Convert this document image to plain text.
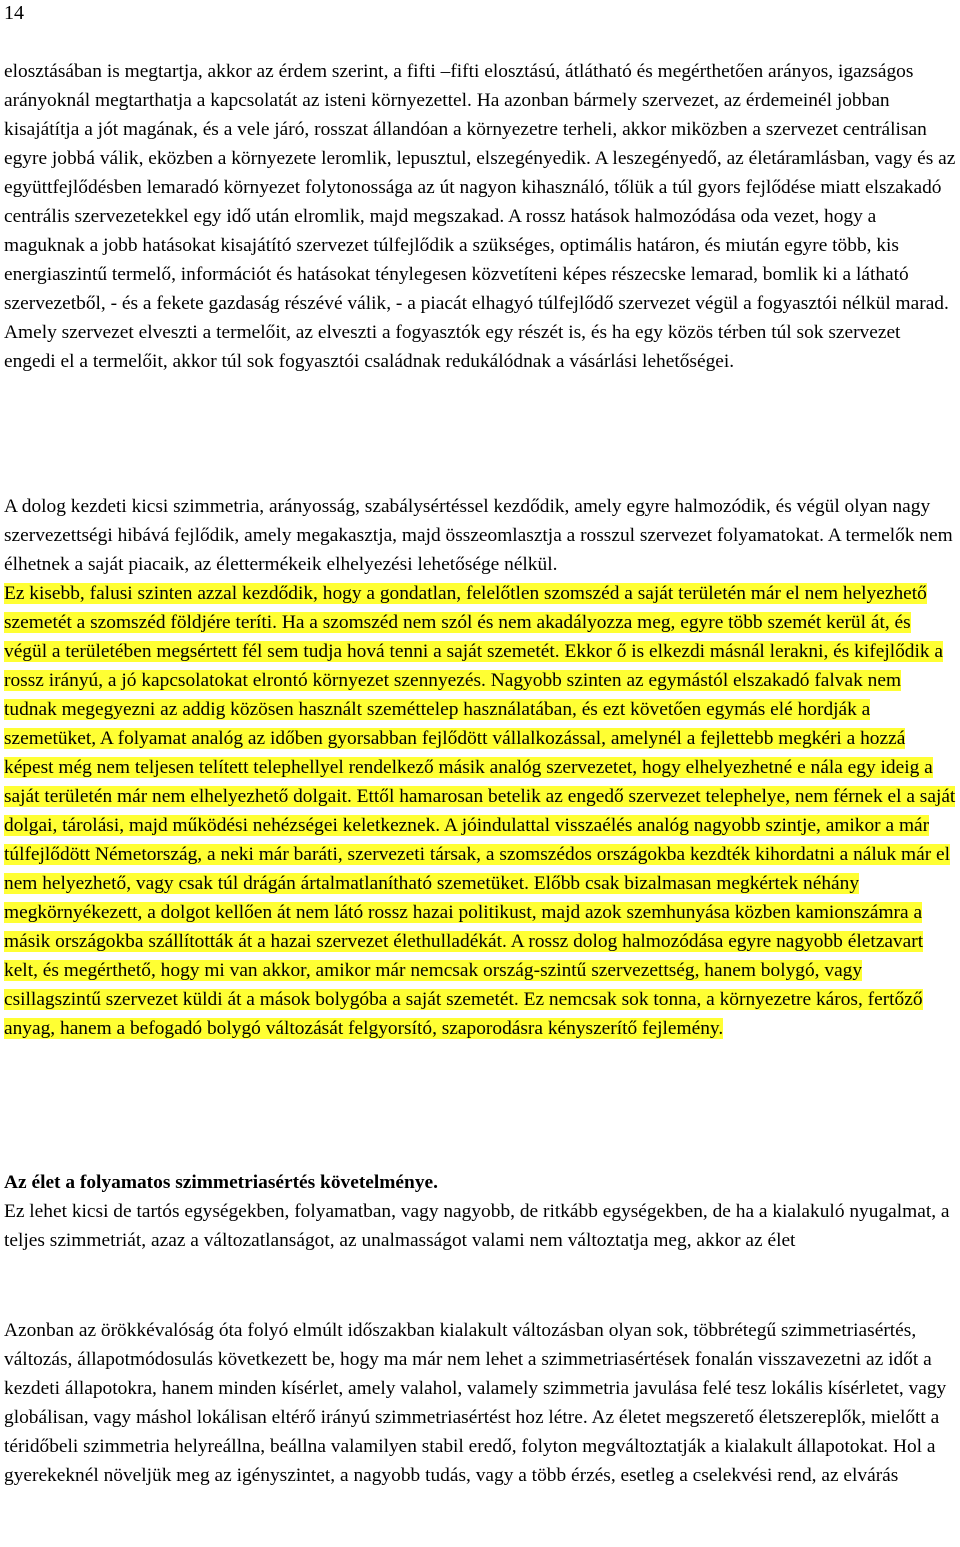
14

elosztásában is megtartja, akkor az érdem szerint, a fifti –fifti elosztású, átlátható és megérthetően arányos, igazságos arányoknál megtarthatja a kapcsolatát az isteni környezettel. Ha azonban bármely szervezet, az érdemeinél jobban kisajátítja a jót magának, és a vele járó, rosszat állandóan a környezetre terheli, akkor miközben a szervezet centrálisan egyre jobbá válik, eközben a környezete leromlik, lepusztul, elszegényedik. A leszegényedő, az életáramlásban, vagy és az együttfejlődésben lemaradó környezet folytonossága az út nagyon kihasználó, tőlük a túl gyors fejlődése miatt elszakadó centrális szervezetekkel egy idő után elromlik, majd megszakad. A rossz hatások halmozódása oda vezet, hogy a maguknak a jobb hatásokat kisajátító szervezet túlfejlődik a szükséges, optimális határon, és miután egyre több, kis energiaszintű termelő, információt és hatásokat ténylegesen közvetíteni képes részecske lemarad, bomlik ki a látható szervezetből, - és a fekete gazdaság részévé válik, - a piacát elhagyó túlfejlődő szervezet végül a fogyasztói nélkül marad. Amely szervezet elveszti a termelőit, az elveszti a fogyasztók egy részét is, és ha egy közös térben túl sok szervezet engedi el a termelőit, akkor túl sok fogyasztói családnak redukálódnak a vásárlási lehetőségei.

A dolog kezdeti kicsi szimmetria, arányosság, szabálysértéssel kezdődik, amely egyre halmozódik, és végül olyan nagy szervezettségi hibává fejlődik, amely megakasztja, majd összeomlasztja a rosszul szervezet folyamatokat. A termelők nem élhetnek a saját piacaik, az élettermékeik elhelyezési lehetősége nélkül.
Ez kisebb, falusi szinten azzal kezdődik, hogy a gondatlan, felelőtlen szomszéd a saját területén már el nem helyezhető szemetét a szomszéd földjére teríti. Ha a szomszéd nem szól és nem akadályozza meg, egyre több szemét kerül át, és végül a területében megsértett fél sem tudja hová tenni a saját szemetét. Ekkor ő is elkezdi másnál lerakni, és kifejlődik a rossz irányú, a jó kapcsolatokat elrontó környezet szennyezés. Nagyobb szinten az egymástól elszakadó falvak nem tudnak megegyezni az addig közösen használt szeméttelep használatában, és ezt követően egymás elé hordják a szemetüket, A folyamat analóg az időben gyorsabban fejlődött vállalkozással, amelynél a fejlettebb megkéri a hozzá képest még nem teljesen telített telephellyel rendelkező másik analóg szervezetet, hogy elhelyezhetné e nála egy ideig a saját területén már nem elhelyezhető dolgait. Ettől hamarosan betelik az engedő szervezet telephelye, nem férnek el a saját dolgai, tárolási, majd működési nehézségei keletkeznek. A jóindulattal visszaélés analóg nagyobb szintje, amikor a már túlfejlődött Németország, a neki már baráti, szervezeti társak, a szomszédos országokba kezdték kihordatni a náluk már el nem helyezhető, vagy csak túl drágán ártalmatlanítható szemetüket. Előbb csak bizalmasan megkértek néhány megkörnyékezett, a dolgot kellően át nem látó rossz hazai politikust, majd azok szemhunyása közben kamionszámra a másik országokba szállították át a hazai szervezet élethulladékát. A rossz dolog halmozódása egyre nagyobb életzavart kelt, és megérthető, hogy mi van akkor, amikor már nemcsak ország-szintű szervezettség, hanem bolygó, vagy csillagszintű szervezet küldi át a mások bolygóba a saját szemetét. Ez nemcsak sok tonna, a környezetre káros, fertőző anyag, hanem a befogadó bolygó változását felgyorsító, szaporodásra kényszerítő fejlemény.

Az élet a folyamatos szimmetriasértés követelménye.
Ez lehet kicsi de tartós egységekben, folyamatban, vagy nagyobb, de ritkább egységekben, de ha a kialakuló nyugalmat, a teljes szimmetriát, azaz a változatlanságot, az unalmasságot valami nem változtatja meg, akkor az élet

Azonban az örökkévalóság óta folyó elmúlt időszakban kialakult változásban olyan sok, többrétegű szimmetriasértés, változás, állapotmódosulás következett be, hogy ma már nem lehet a szimmetriasértések fonalán visszavezetni az időt a kezdeti állapotokra, hanem minden kísérlet, amely valahol, valamely szimmetria javulása felé tesz lokális kísérletet, vagy globálisan, vagy máshol lokálisan eltérő irányú szimmetriasértést hoz létre. Az életet megszerető életszereplők, mielőtt a téridőbeli szimmetria helyreállna, beállna valamilyen stabil eredő, folyton megváltoztatják a kialakult állapotokat. Hol a gyerekeknél növeljük meg az igényszintet, a nagyobb tudás, vagy a több érzés, esetleg a cselekvési rend, az elvárás
